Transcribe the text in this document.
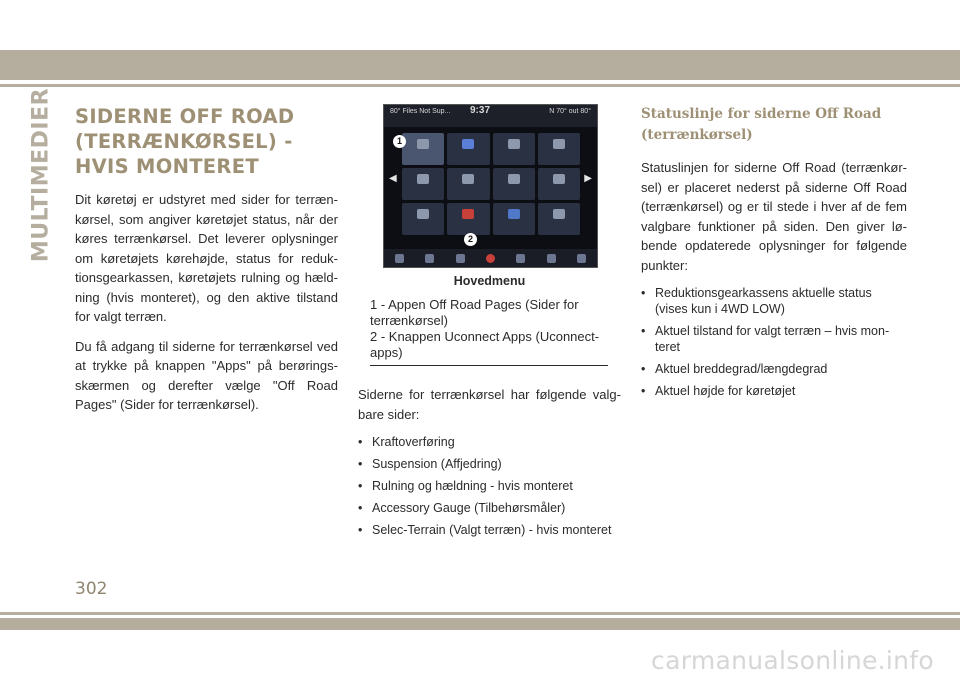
MULTIMEDIER SIDERNE OFF ROAD (TERRÆNKØRSEL) - HVIS MONTERET

Dit køretøj er udstyret med sider for terrænkørsel, som angiver køretøjet status, når der køres terrænkørsel. Det leverer oplysninger om køretøjets kørehøjde, status for reduktionsgearkassen, køretøjets rulning og hældning (hvis monteret), og den aktive tilstand for valgt terræn.

Du få adgang til siderne for terrænkørsel ved at trykke på knappen "Apps" på berøringsskærmen og derefter vælge "Off Road Pages" (Sider for terrænkørsel).

80° Files Not Sup... 9:37	N 70° out 80°
◀	▶
1
2
Hovedmenu
1 - Appen Off Road Pages (Sider for terrænkørsel)
2 - Knappen Uconnect Apps (Uconnect-apps)

Siderne for terrænkørsel har følgende valgbare sider:

• Kraftoverføring
• Suspension (Affjedring)
• Rulning og hældning - hvis monteret
• Accessory Gauge (Tilbehørsmåler)
• Selec-Terrain (Valgt terræn) - hvis monteret
Statuslinje for siderne Off Road (terrænkørsel)

Statuslinjen for siderne Off Road (terrænkørsel) er placeret nederst på siderne Off Road (terrænkørsel) og er til stede i hver af de fem valgbare funktioner på siden. Den giver løbende opdaterede oplysninger for følgende punkter:

• Reduktionsgearkassens aktuelle status (vises kun i 4WD LOW)
• Aktuel tilstand for valgt terræn – hvis monteret
• Aktuel breddegrad/længdegrad
• Aktuel højde for køretøjet
302
carmanualsonline.info
